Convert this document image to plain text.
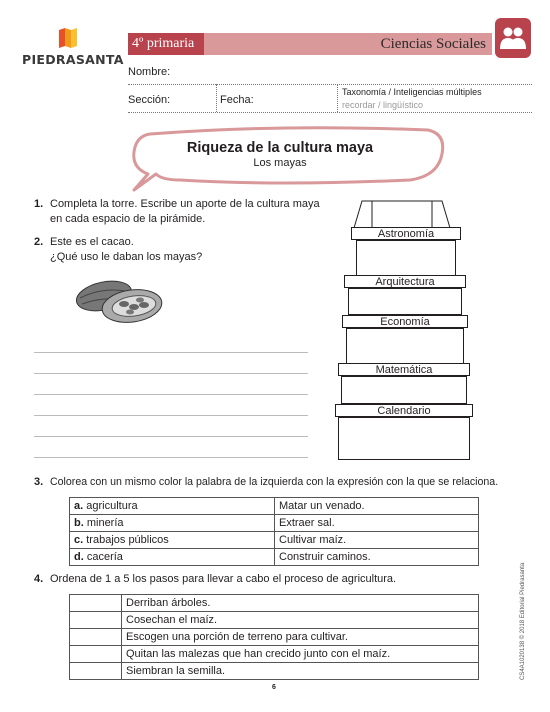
PIEDRASANTA
4º primaria	Ciencias Sociales
Nombre:
Sección:	Fecha:
Taxonomía / Inteligencias múltiples
recordar / lingüístico
Riqueza de la cultura maya
Los mayas
1. Completa la torre. Escribe un aporte de la cultura maya
en cada espacio de la pirámide.
2. Este es el cacao.
¿Qué uso le daban los mayas?
Astronomía
Arquitectura
Economía
Matemática
Calendario
3. Colorea con un mismo color la palabra de la izquierda con la expresión con la que se relaciona.
a. agricultura	Matar un venado.
b. minería	Extraer sal.
c. trabajos públicos	Cultivar maíz.
d. cacería	Construir caminos.
4. Ordena de 1 a 5 los pasos para llevar a cabo el proceso de agricultura.
	Derriban árboles.
	Cosechan el maíz.
	Escogen una porción de terreno para cultivar.
	Quitan las malezas que han crecido junto con el maíz.
	Siembran la semilla.
6
CS4A1020138 © 2018 Editorial Piedrasanta
